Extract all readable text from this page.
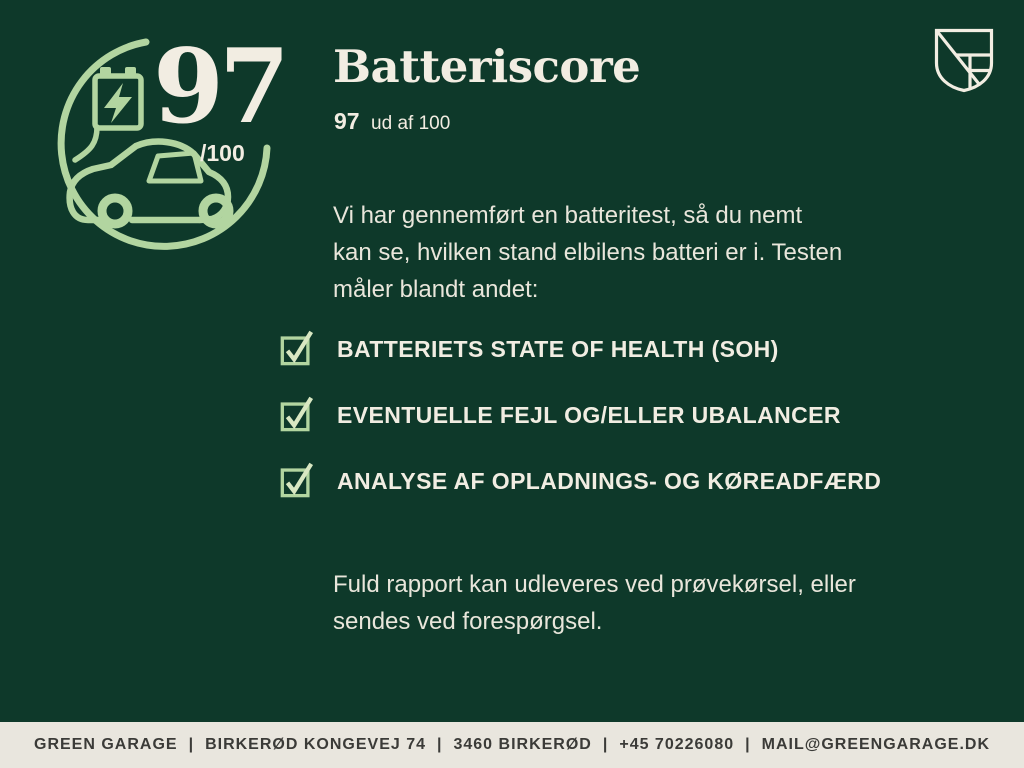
97
/100
Batteriscore
97 ud af 100
Vi har gennemført en batteritest, så du nemt
kan se, hvilken stand elbilens batteri er i. Testen
måler blandt andet:
BATTERIETS STATE OF HEALTH (SOH)
EVENTUELLE FEJL OG/ELLER UBALANCER
ANALYSE AF OPLADNINGS- OG KØREADFÆRD
Fuld rapport kan udleveres ved prøvekørsel, eller
sendes ved forespørgsel.
GREEN GARAGE | BIRKERØD KONGEVEJ 74 | 3460 BIRKERØD | +45 70226080 | MAIL@GREENGARAGE.DK
